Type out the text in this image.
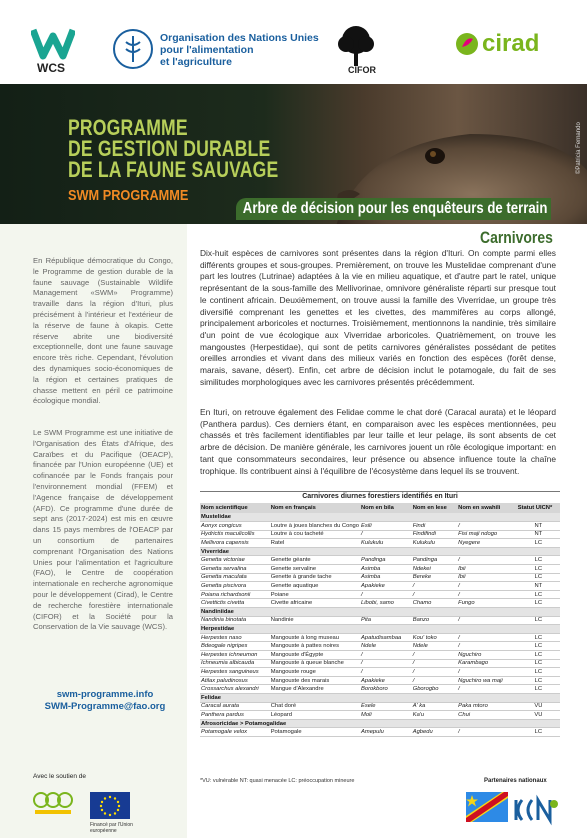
WCS
Organisation des Nations Unies
pour l'alimentation
et l'agriculture
CIFOR
cirad
PROGRAMME
DE GESTION DURABLE
DE LA FAUNE SAUVAGE
SWM PROGRAMME
©Patricia Fernando
Arbre de décision pour les enquêteurs de terrain
Carnivores
En République démocratique du Congo, le Programme de gestion durable de la faune sauvage (Sustainable Wildlife Management «SWM» Programme) travaille dans la région d'Ituri, plus précisément à l'intérieur et l'extérieur de la réserve de faune à okapis. Cette réserve abrite une biodiversité exceptionnelle, dont une faune sauvage encore très riche. Cependant, l'évolution des dynamiques socio-économiques de la région et certaines pratiques de chasse mettent en péril ce patrimoine écologique mondial.
Le SWM Programme est une initiative de l'Organisation des États d'Afrique, des Caraïbes et du Pacifique (OEACP), financée par l'Union européenne (UE) et cofinancée par le Fonds français pour l'environnement mondial (FFEM) et l'Agence française de développement (AFD). Ce programme d'une durée de sept ans (2017-2024) est mis en œuvre dans 15 pays membres de l'OEACP par un consortium de partenaires comprenant l'Organisation des Nations Unies pour l'alimentation et l'agriculture (FAO), le Centre de coopération internationale en recherche agronomique pour le développement (Cirad), le Centre de recherche forestière internationale (CIFOR) et la Société pour la Conservation de la Vie sauvage (WCS).
swm-programme.info
SWM-Programme@fao.org
Avec le soutien de
Financé par l'Union européenne
Dix-huit espèces de carnivores sont présentes dans la région d'Ituri. On compte parmi elles différents groupes et sous-groupes. Premièrement, on trouve les Mustelidae comprenant d'une part les loutres (Lutrinae) adaptées à la vie en milieu aquatique, et d'autre part le ratel, unique représentant de la sous-famille des Mellivorinae, omnivore généraliste réparti sur presque tout le continent africain. Deuxièmement, on trouve aussi la famille des Viverridae, un groupe très diversifié comprenant les genettes et les civettes, des mammifères au corps allongé, principalement arboricoles et nocturnes. Troisièmement, mentionnons la nandinie, très similaire d'un point de vue écologique aux Viverridae arboricoles. Quatrièmement, on trouve les mangoustes (Herpestidae), qui sont de petits carnivores généralistes possédant de petites oreilles arrondies et vivant dans des milieux variés en fonction des espèces (forêt dense, marais, savane, désert). Enfin, cet arbre de décision inclut le potamogale, du fait de ses similitudes morphologiques avec les carnivores présentés précédemment.
En Ituri, on retrouve également des Felidae comme le chat doré (Caracal aurata) et le léopard (Panthera pardus). Ces derniers étant, en comparaison avec les espèces mentionnées, peu chassés et très facilement identifiables par leur taille et leur pelage, ils sont absents de cet arbre de décision. De manière générale, les carnivores jouent un rôle écologique important: en tant que consommateurs secondaires, leur présence ou absence influence toute la chaîne trophique. Ils contribuent ainsi à l'équilibre de l'écosystème dans lequel ils se trouvent.
Carnivores diurnes forestiers identifiés en Ituri
Nom scientifique	Nom en français	Nom en bila	Nom en lese	Nom en swahili	Statut UICN*
Mustelidae					
Aonyx congicus	Loutre à joues blanches du Congo	Esili	Findi	/	NT
Hydrictis maculicollis	Loutre à cou tacheté	/	Findifindi	Fisi maji ndogo	NT
Mellivora capensis	Ratel	Kulukulu	Kulukulu	Nyegere	LC
Viverridae					
Genetta victoriae	Genette géante	Pandinga	Pandinga	/	LC
Genetta servalina	Genette servaline	Asimba	Ndekei	Ibii	LC
Genetta maculata	Genette à grande tache	Asimba	Bereke	Ibii	LC
Genetta piscivora	Genette aquatique	Apakieke	/	/	NT
Poiana richardsonii	Poiane	/	/	/	LC
Civettictis civetta	Civette africaine	Libobi, samo	Chamo	Fungo	LC
Nandiniidae					
Nandinia binotata	Nandinie	Pita	Banzo	/	LC
Herpestidae					
Herpestes naso	Mangouste à long museau	Apatudisambaa	Kou' toko	/	LC
Bdeogale nigripes	Mangouste à pattes noires	Ndele	Ndele	/	LC
Herpestes ichneumon	Mangouste d'Égypte	/	/	Nguchiro	LC
Ichneumia albicauda	Mangouste à queue blanche	/	/	Karambago	LC
Herpestes sanguineus	Mangouste rouge	/	/	/	LC
Atilax paludinosus	Mangouste des marais	Apakieke	/	Nguchiro wa maji	LC
Crossarchus alexandri	Mangue d'Alexandre	Borokboro	Gborogbo	/	LC
Felidae					
Caracal aurata	Chat doré	Esele	A' ka	Paka mtoro	VU
Panthera pardus	Léopard	Moli	Ka'u	Chui	VU
Afrosoricidae > Potamogalidae					
Potamogale velox	Potamogale	Amepulu	Agbedu	/	LC
*VU: vulnérable NT: quasi menacée LC: préoccupation mineure	Partenaires nationaux
